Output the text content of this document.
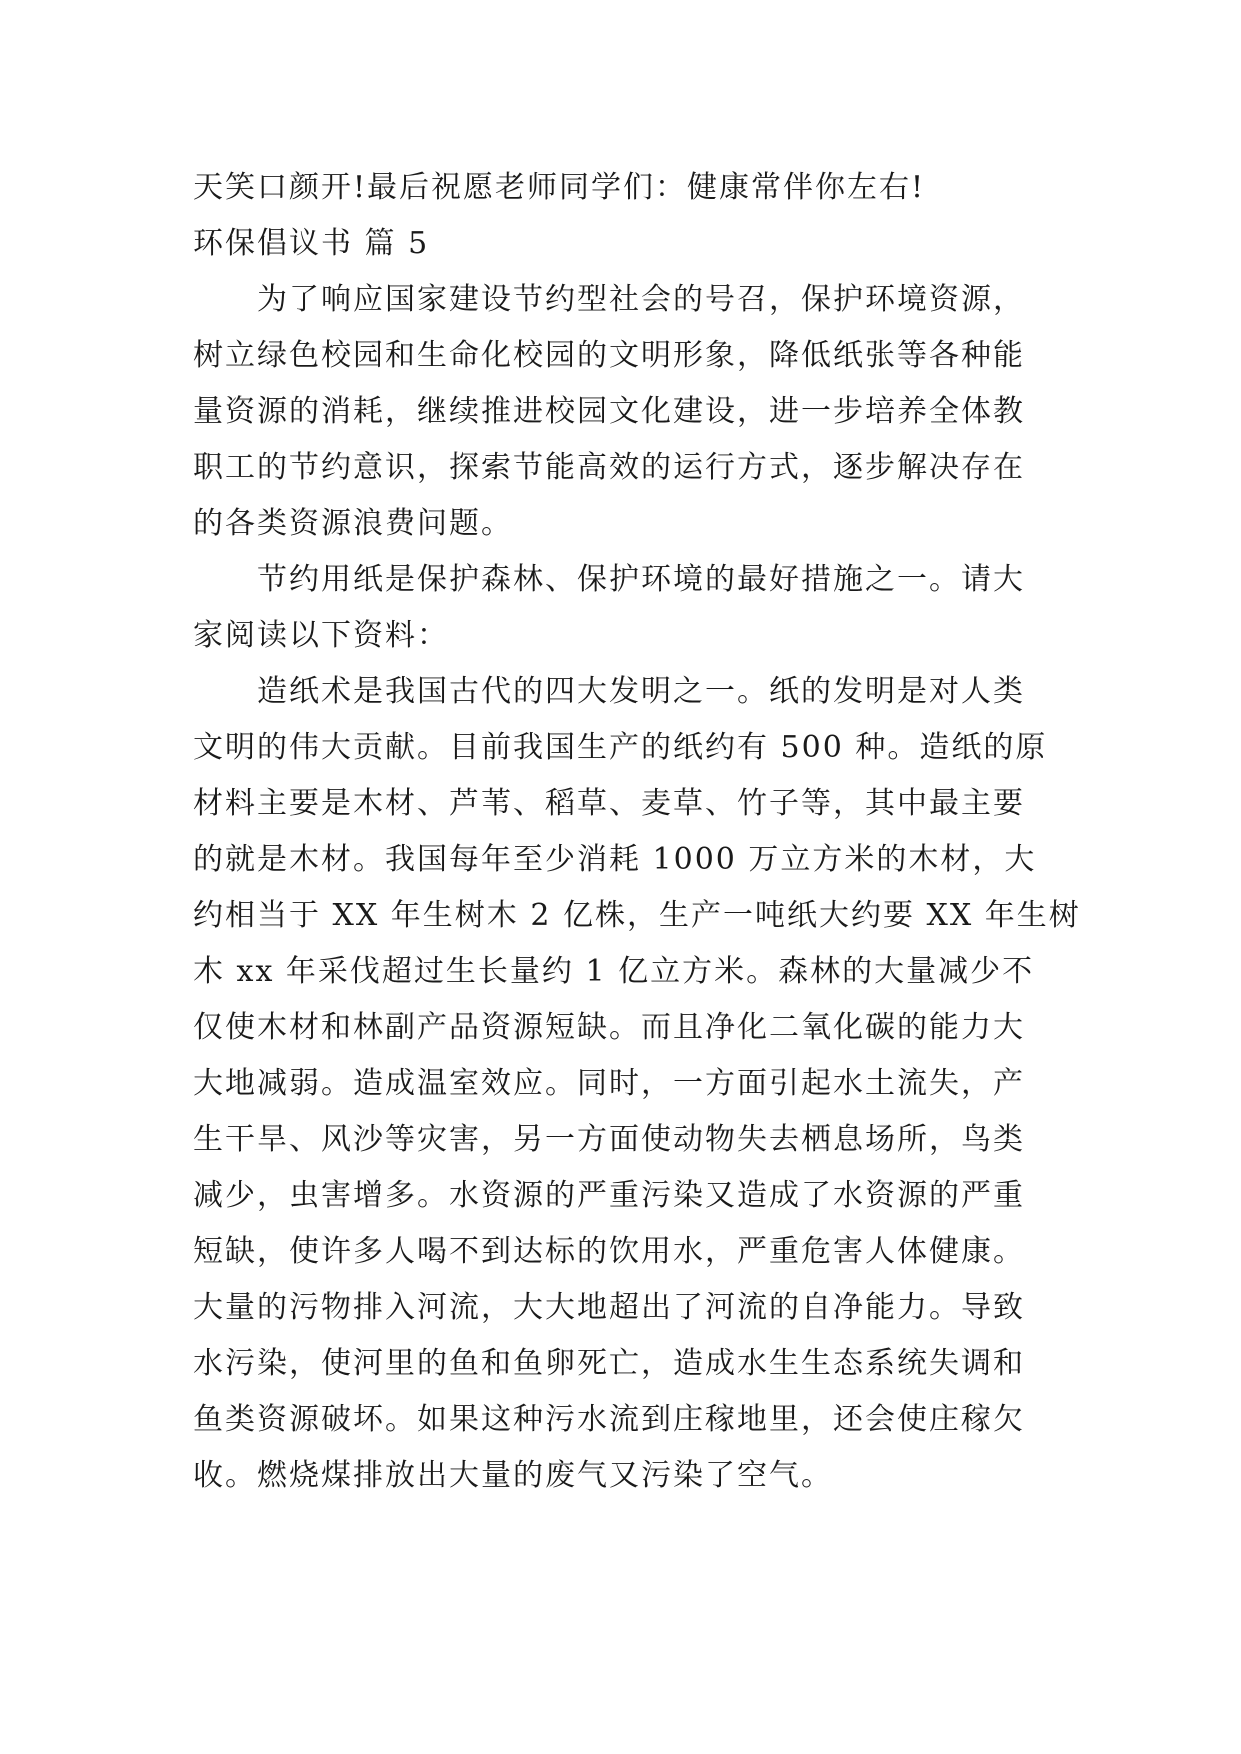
天笑口颜开!最后祝愿老师同学们：健康常伴你左右!
环保倡议书 篇 5
为了响应国家建设节约型社会的号召，保护环境资源，
树立绿色校园和生命化校园的文明形象，降低纸张等各种能
量资源的消耗，继续推进校园文化建设，进一步培养全体教
职工的节约意识，探索节能高效的运行方式，逐步解决存在
的各类资源浪费问题。
节约用纸是保护森林、保护环境的最好措施之一。请大
家阅读以下资料：
造纸术是我国古代的四大发明之一。纸的发明是对人类
文明的伟大贡献。目前我国生产的纸约有 500 种。造纸的原
材料主要是木材、芦苇、稻草、麦草、竹子等，其中最主要
的就是木材。我国每年至少消耗 1000 万立方米的木材，大
约相当于 XX 年生树木 2 亿株，生产一吨纸大约要 XX 年生树
木 xx 年采伐超过生长量约 1 亿立方米。森林的大量减少不
仅使木材和林副产品资源短缺。而且净化二氧化碳的能力大
大地减弱。造成温室效应。同时，一方面引起水土流失，产
生干旱、风沙等灾害，另一方面使动物失去栖息场所，鸟类
减少，虫害增多。水资源的严重污染又造成了水资源的严重
短缺，使许多人喝不到达标的饮用水，严重危害人体健康。
大量的污物排入河流，大大地超出了河流的自净能力。导致
水污染，使河里的鱼和鱼卵死亡，造成水生生态系统失调和
鱼类资源破坏。如果这种污水流到庄稼地里，还会使庄稼欠
收。燃烧煤排放出大量的废气又污染了空气。
